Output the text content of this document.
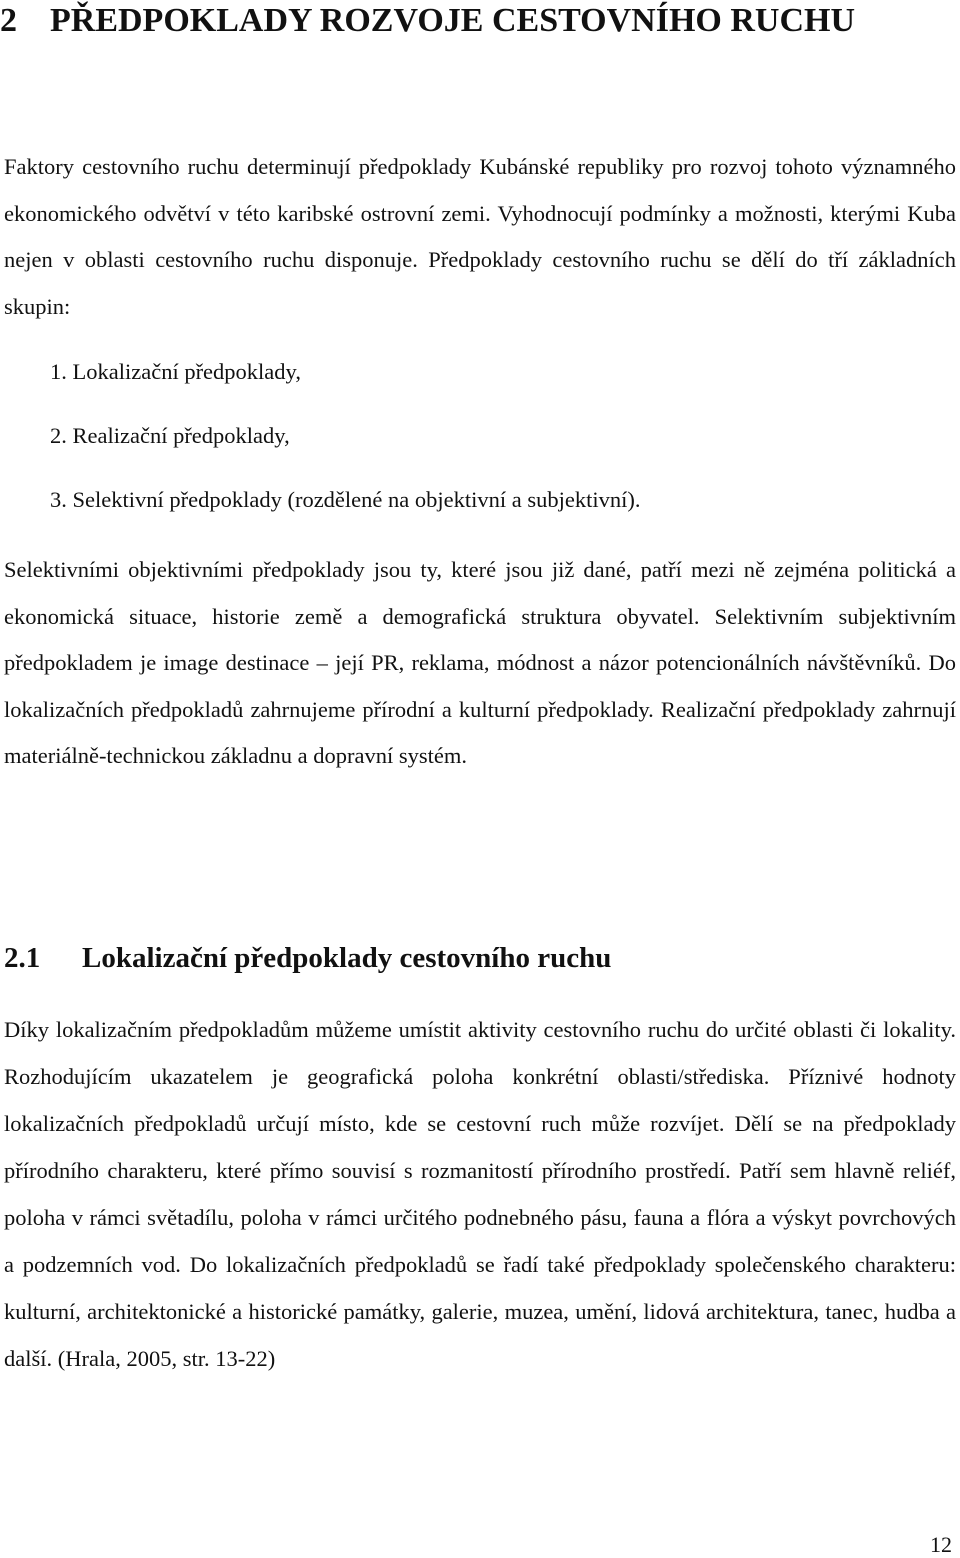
2 PŘEDPOKLADY ROZVOJE CESTOVNÍHO RUCHU

Faktory cestovního ruchu determinují předpoklady Kubánské republiky pro rozvoj tohoto významného ekonomického odvětví v této karibské ostrovní zemi. Vyhodnocují podmínky a možnosti, kterými Kuba nejen v oblasti cestovního ruchu disponuje. Předpoklady cestovního ruchu se dělí do tří základních skupin:

1. Lokalizační předpoklady,
2. Realizační předpoklady,
3. Selektivní předpoklady (rozdělené na objektivní a subjektivní).

Selektivními objektivními předpoklady jsou ty, které jsou již dané, patří mezi ně zejména politická a ekonomická situace, historie země a demografická struktura obyvatel. Selektivním subjektivním předpokladem je image destinace – její PR, reklama, módnost a názor potencionálních návštěvníků. Do lokalizačních předpokladů zahrnujeme přírodní a kulturní předpoklady. Realizační předpoklady zahrnují materiálně-technickou základnu a dopravní systém.

2.1 Lokalizační předpoklady cestovního ruchu

Díky lokalizačním předpokladům můžeme umístit aktivity cestovního ruchu do určité oblasti či lokality. Rozhodujícím ukazatelem je geografická poloha konkrétní oblasti/střediska. Příznivé hodnoty lokalizačních předpokladů určují místo, kde se cestovní ruch může rozvíjet. Dělí se na předpoklady přírodního charakteru, které přímo souvisí s rozmanitostí přírodního prostředí. Patří sem hlavně reliéf, poloha v rámci světadílu, poloha v rámci určitého podnebného pásu, fauna a flóra a výskyt povrchových a podzemních vod. Do lokalizačních předpokladů se řadí také předpoklady společenského charakteru: kulturní, architektonické a historické památky, galerie, muzea, umění, lidová architektura, tanec, hudba a další. (Hrala, 2005, str. 13-22)

12
